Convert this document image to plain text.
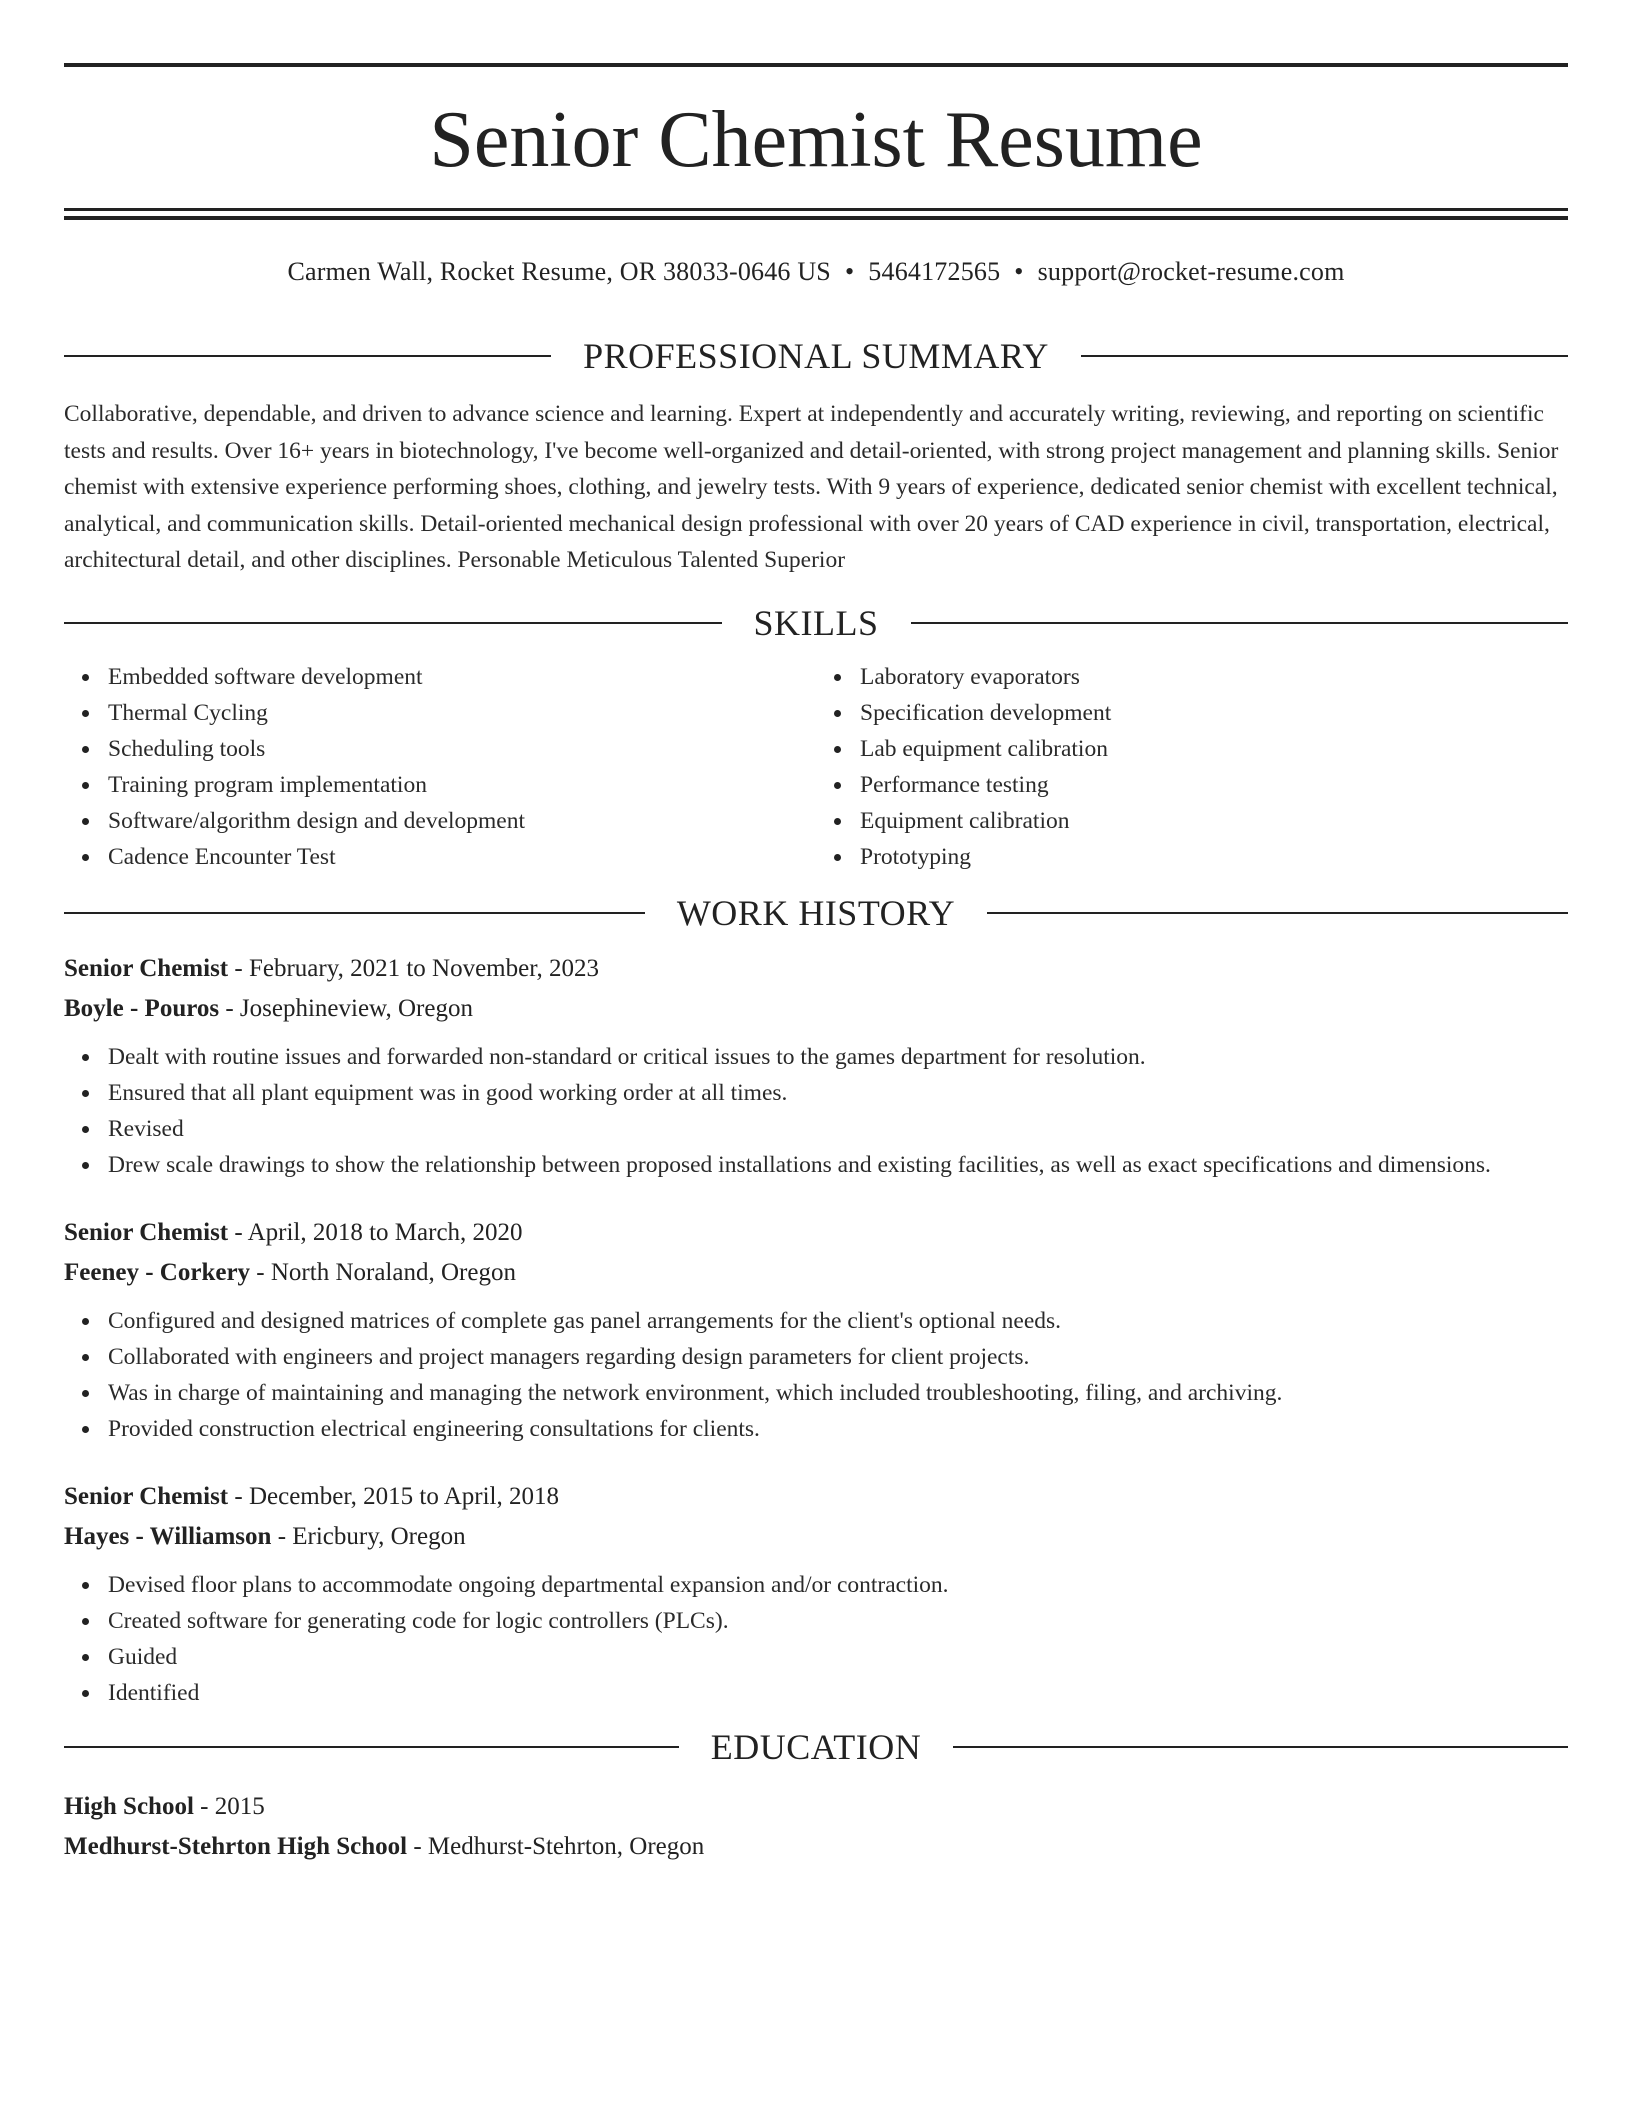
Senior Chemist Resume
Carmen Wall, Rocket Resume, OR 38033-0646 US • 5464172565 • support@rocket-resume.com
PROFESSIONAL SUMMARY

Collaborative, dependable, and driven to advance science and learning. Expert at independently and accurately writing, reviewing, and reporting on scientific tests and results. Over 16+ years in biotechnology, I've become well-organized and detail-oriented, with strong project management and planning skills. Senior chemist with extensive experience performing shoes, clothing, and jewelry tests. With 9 years of experience, dedicated senior chemist with excellent technical, analytical, and communication skills. Detail-oriented mechanical design professional with over 20 years of CAD experience in civil, transportation, electrical, architectural detail, and other disciplines. Personable Meticulous Talented Superior

SKILLS
Embedded software development
Thermal Cycling
Scheduling tools
Training program implementation
Software/algorithm design and development
Cadence Encounter Test
Laboratory evaporators
Specification development
Lab equipment calibration
Performance testing
Equipment calibration
Prototyping
WORK HISTORY
Senior Chemist - February, 2021 to November, 2023
Boyle - Pouros - Josephineview, Oregon
Dealt with routine issues and forwarded non-standard or critical issues to the games department for resolution.
Ensured that all plant equipment was in good working order at all times.
Revised
Drew scale drawings to show the relationship between proposed installations and existing facilities, as well as exact specifications and dimensions.
Senior Chemist - April, 2018 to March, 2020
Feeney - Corkery - North Noraland, Oregon
Configured and designed matrices of complete gas panel arrangements for the client's optional needs.
Collaborated with engineers and project managers regarding design parameters for client projects.
Was in charge of maintaining and managing the network environment, which included troubleshooting, filing, and archiving.
Provided construction electrical engineering consultations for clients.
Senior Chemist - December, 2015 to April, 2018
Hayes - Williamson - Ericbury, Oregon
Devised floor plans to accommodate ongoing departmental expansion and/or contraction.
Created software for generating code for logic controllers (PLCs).
Guided
Identified
EDUCATION
High School - 2015
Medhurst-Stehrton High School - Medhurst-Stehrton, Oregon
